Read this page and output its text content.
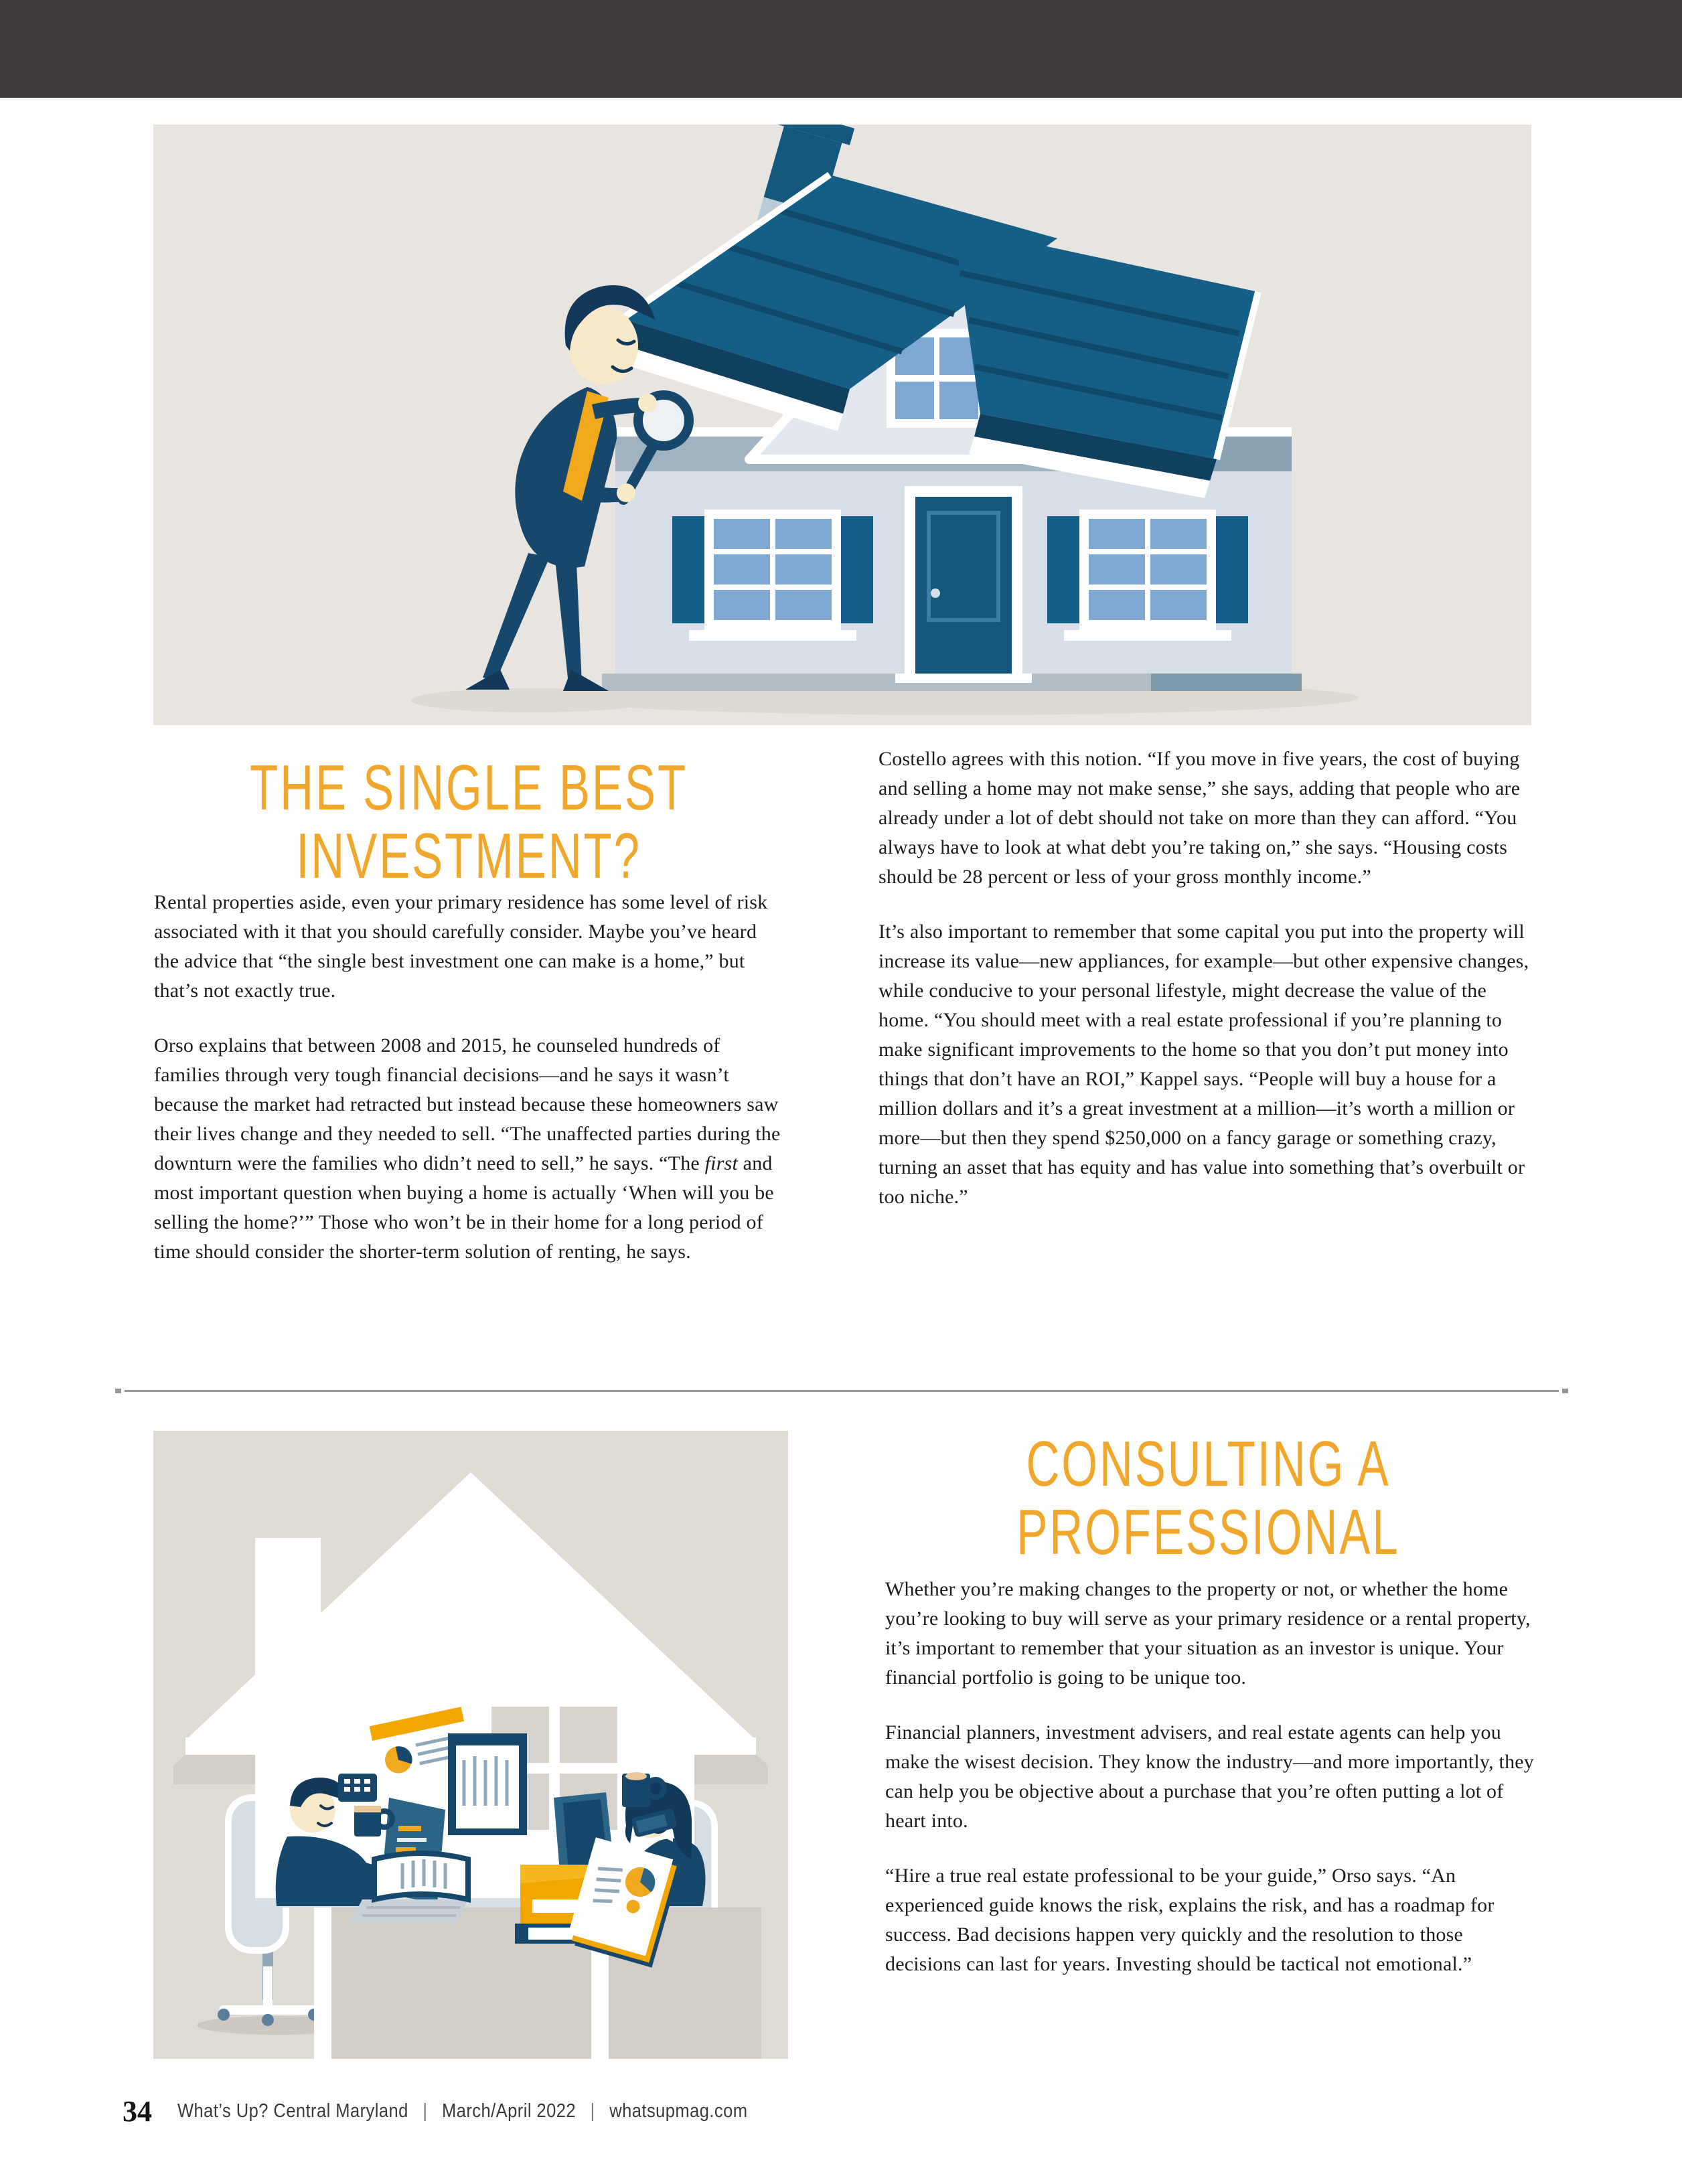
THE SINGLE BEST
INVESTMENT?

Rental properties aside, even your primary residence has some level of risk associated with it that you should carefully consider. Maybe you’ve heard the advice that “the single best investment one can make is a home,” but that’s not exactly true.

Orso explains that between 2008 and 2015, he counseled hundreds of families through very tough financial decisions—and he says it wasn’t because the market had retracted but instead because these homeowners saw their lives change and they needed to sell. “The unaffected parties during the downturn were the families who didn’t need to sell,” he says. “The first and most important question when buying a home is actually ‘When will you be selling the home?’” Those who won’t be in their home for a long period of time should consider the shorter-term solution of renting, he says.

Costello agrees with this notion. “If you move in five years, the cost of buying and selling a home may not make sense,” she says, adding that people who are already under a lot of debt should not take on more than they can afford. “You always have to look at what debt you’re taking on,” she says. “Housing costs should be 28 percent or less of your gross monthly income.”

It’s also important to remember that some capital you put into the property will increase its value—new appliances, for example—but other expensive changes, while conducive to your personal lifestyle, might decrease the value of the home. “You should meet with a real estate professional if you’re planning to make significant improvements to the home so that you don’t put money into things that don’t have an ROI,” Kappel says. “People will buy a house for a million dollars and it’s a great investment at a million—it’s worth a million or more—but then they spend $250,000 on a fancy garage or something crazy, turning an asset that has equity and has value into something that’s overbuilt or too niche.”

CONSULTING A
PROFESSIONAL

Whether you’re making changes to the property or not, or whether the home you’re looking to buy will serve as your primary residence or a rental property, it’s important to remember that your situation as an investor is unique. Your financial portfolio is going to be unique too.

Financial planners, investment advisers, and real estate agents can help you make the wisest decision. They know the industry—and more importantly, they can help you be objective about a purchase that you’re often putting a lot of heart into.

“Hire a true real estate professional to be your guide,” Orso says. “An experienced guide knows the risk, explains the risk, and has a roadmap for success. Bad decisions happen very quickly and the resolution to those decisions can last for years. Investing should be tactical not emotional.”

34 What’s Up? Central Maryland | March/April 2022 | whatsupmag.com
